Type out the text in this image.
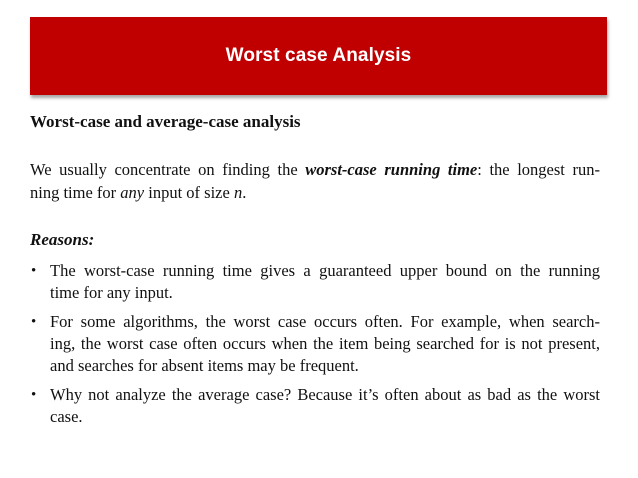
Worst case Analysis
Worst-case and average-case analysis
We usually concentrate on finding the worst-case running time: the longest run-
ning time for any input of size n.
Reasons:
• The worst-case running time gives a guaranteed upper bound on the running
time for any input.
• For some algorithms, the worst case occurs often. For example, when search-
ing, the worst case often occurs when the item being searched for is not present,
and searches for absent items may be frequent.
• Why not analyze the average case? Because it’s often about as bad as the worst
case.
